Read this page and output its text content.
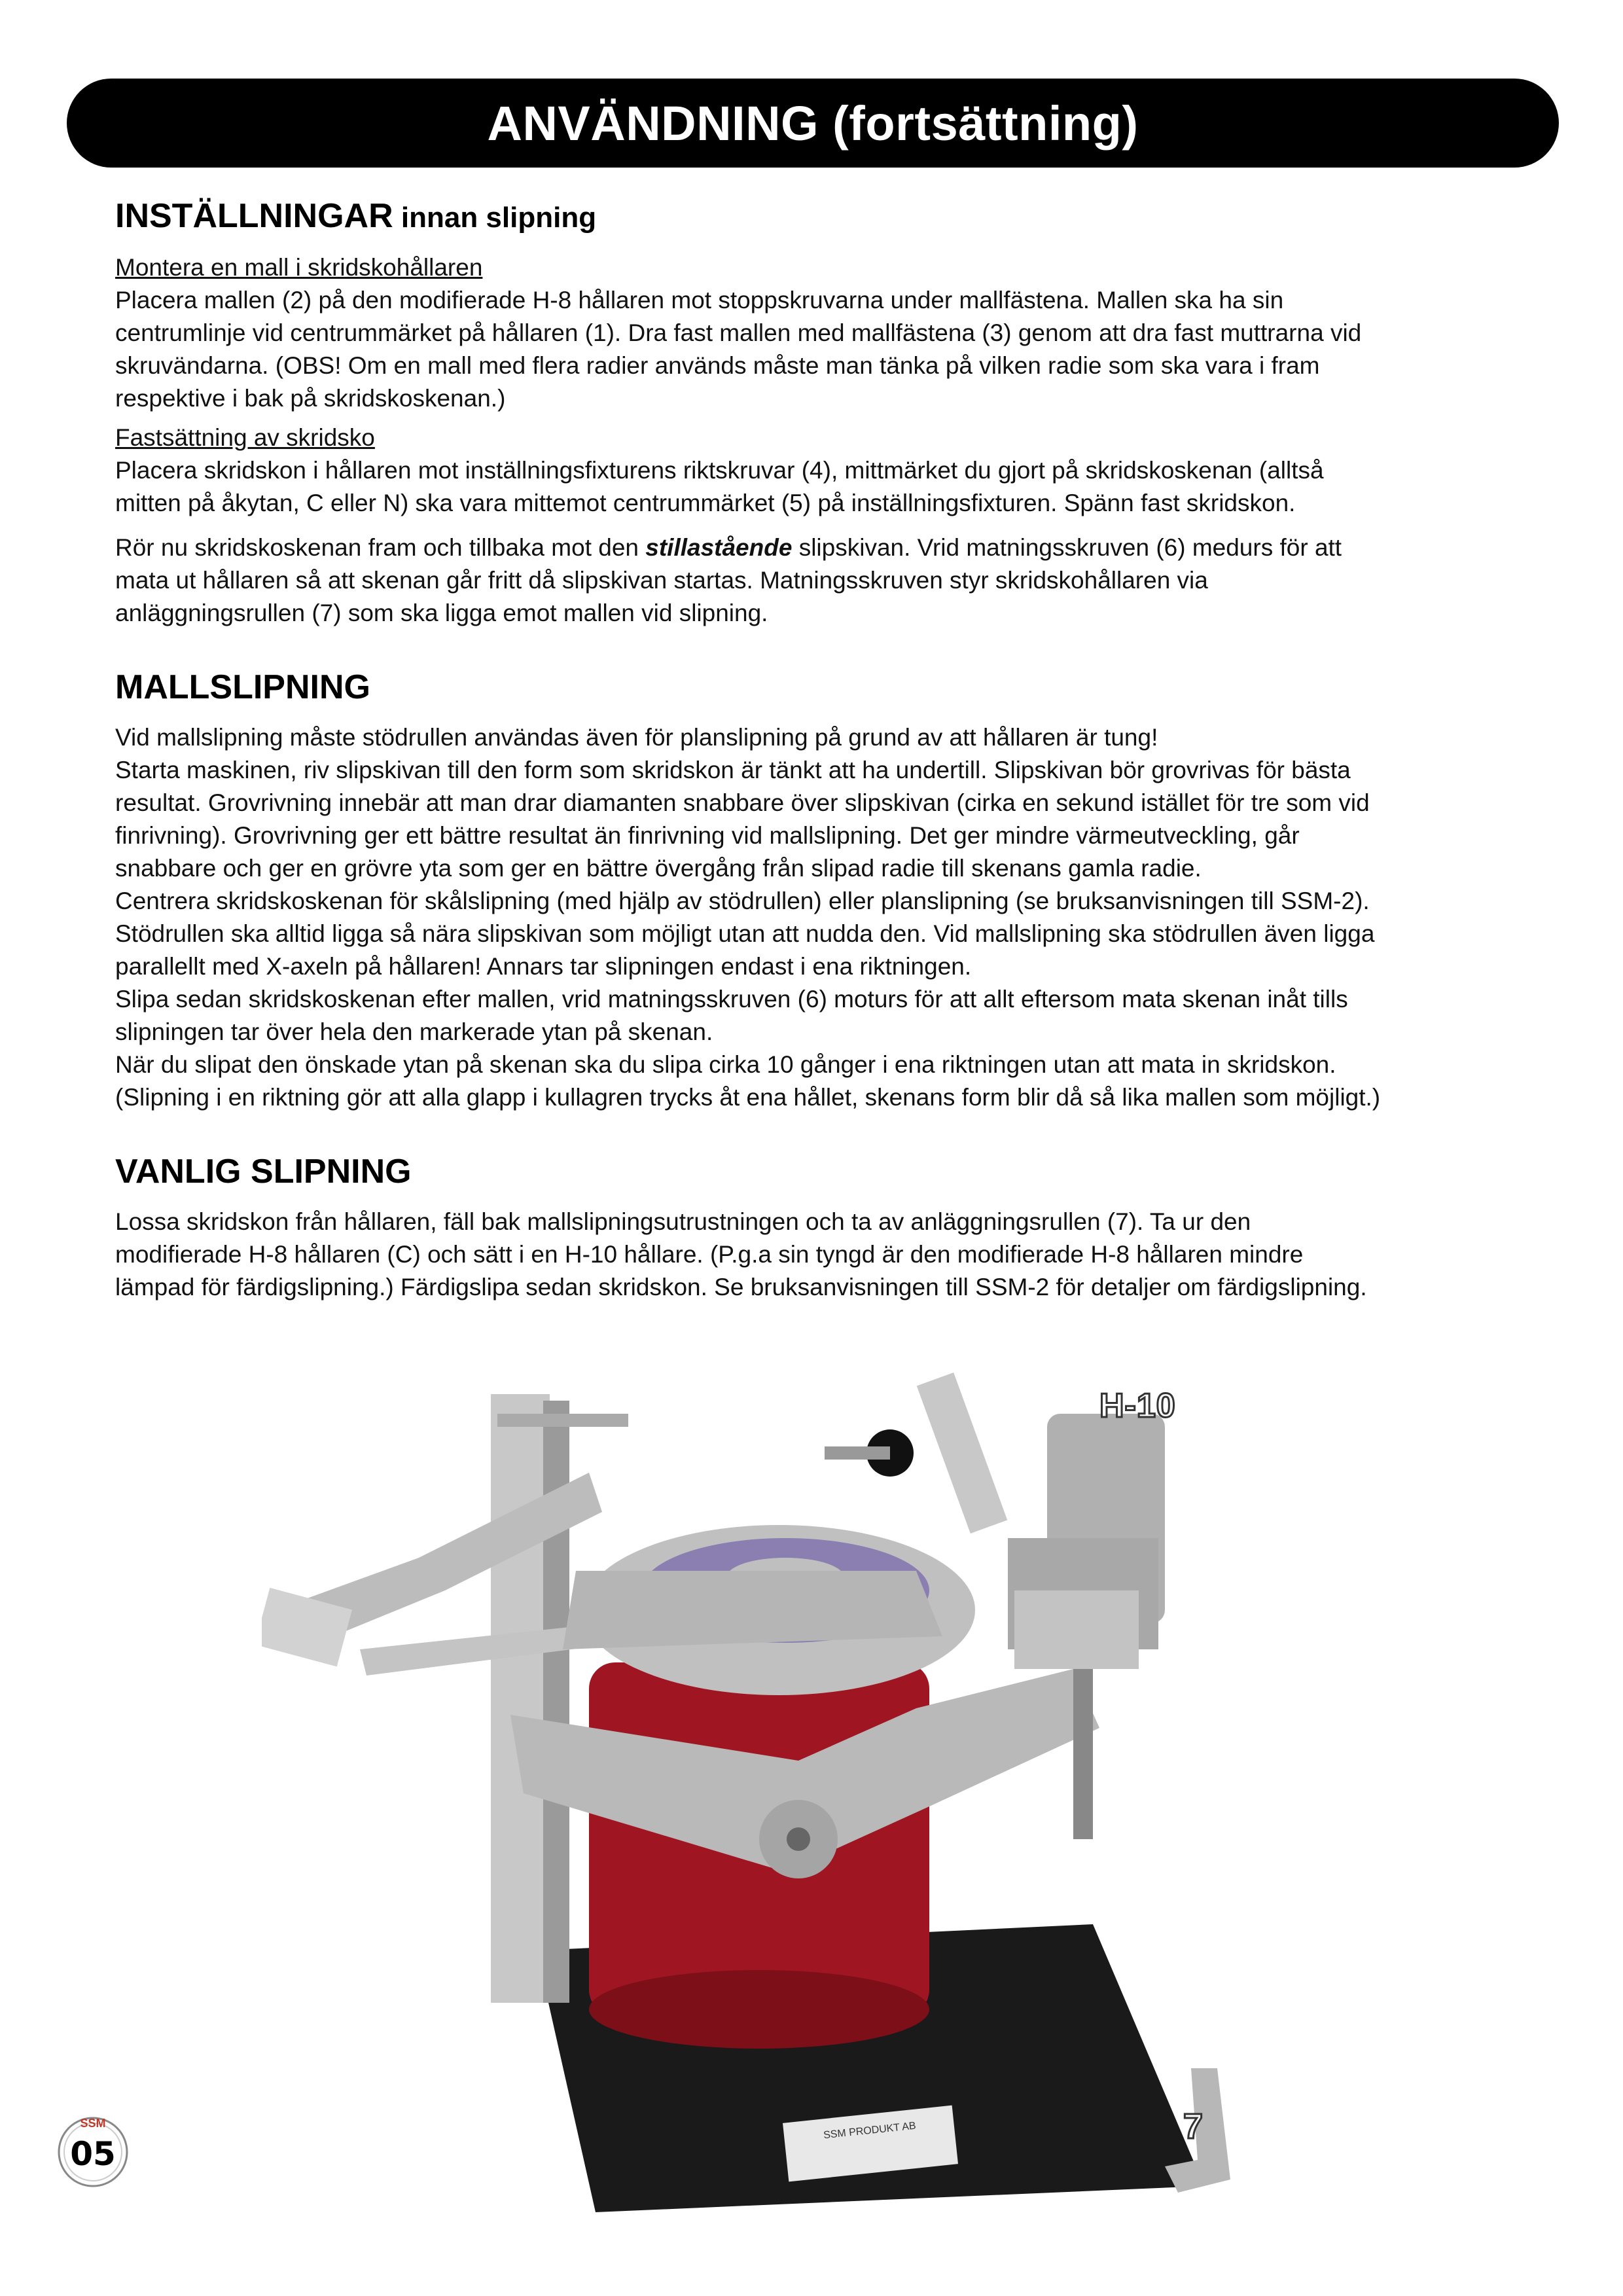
ANVÄNDNING (fortsättning)
INSTÄLLNINGAR innan slipning
Montera en mall i skridskohållaren

Placera mallen (2) på den modifierade H-8 hållaren mot stoppskruvarna under mallfästena. Mallen ska ha sin

centrumlinje vid centrummärket på hållaren (1). Dra fast mallen med mallfästena (3) genom att dra fast muttrarna vid

skruvändarna. (OBS! Om en mall med flera radier används måste man tänka på vilken radie som ska vara i fram

respektive i bak på skridskoskenan.)

Fastsättning av skridsko

Placera skridskon i hållaren mot inställningsfixturens riktskruvar (4), mittmärket du gjort på skridskoskenan (alltså

mitten på åkytan, C eller N) ska vara mittemot centrummärket (5) på inställningsfixturen. Spänn fast skridskon.

Rör nu skridskoskenan fram och tillbaka mot den stillastående slipskivan. Vrid matningsskruven (6) medurs för att

mata ut hållaren så att skenan går fritt då slipskivan startas. Matningsskruven styr skridskohållaren via

anläggningsrullen (7) som ska ligga emot mallen vid slipning.

MALLSLIPNING

Vid mallslipning måste stödrullen användas även för planslipning på grund av att hållaren är tung!

Starta maskinen, riv slipskivan till den form som skridskon är tänkt att ha undertill. Slipskivan bör grovrivas för bästa

resultat. Grovrivning innebär att man drar diamanten snabbare över slipskivan (cirka en sekund istället för tre som vid

finrivning). Grovrivning ger ett bättre resultat än finrivning vid mallslipning. Det ger mindre värmeutveckling, går

snabbare och ger en grövre yta som ger en bättre övergång från slipad radie till skenans gamla radie.

Centrera skridskoskenan för skålslipning (med hjälp av stödrullen) eller planslipning (se bruksanvisningen till SSM-2).

Stödrullen ska alltid ligga så nära slipskivan som möjligt utan att nudda den. Vid mallslipning ska stödrullen även ligga

parallellt med X-axeln på hållaren! Annars tar slipningen endast i ena riktningen.

Slipa sedan skridskoskenan efter mallen, vrid matningsskruven (6) moturs för att allt eftersom mata skenan inåt tills

slipningen tar över hela den markerade ytan på skenan.

När du slipat den önskade ytan på skenan ska du slipa cirka 10 gånger i ena riktningen utan att mata in skridskon.

(Slipning i en riktning gör att alla glapp i kullagren trycks åt ena hållet, skenans form blir då så lika mallen som möjligt.)

VANLIG SLIPNING

Lossa skridskon från hållaren, fäll bak mallslipningsutrustningen och ta av anläggningsrullen (7). Ta ur den

modifierade H-8 hållaren (C) och sätt i en H-10 hållare. (P.g.a sin tyngd är den modifierade H-8 hållaren mindre

lämpad för färdigslipning.) Färdigslipa sedan skridskon. Se bruksanvisningen till SSM-2 för detaljer om färdigslipning.

SSM PRODUKT AB
H-10
7
SSM
05
